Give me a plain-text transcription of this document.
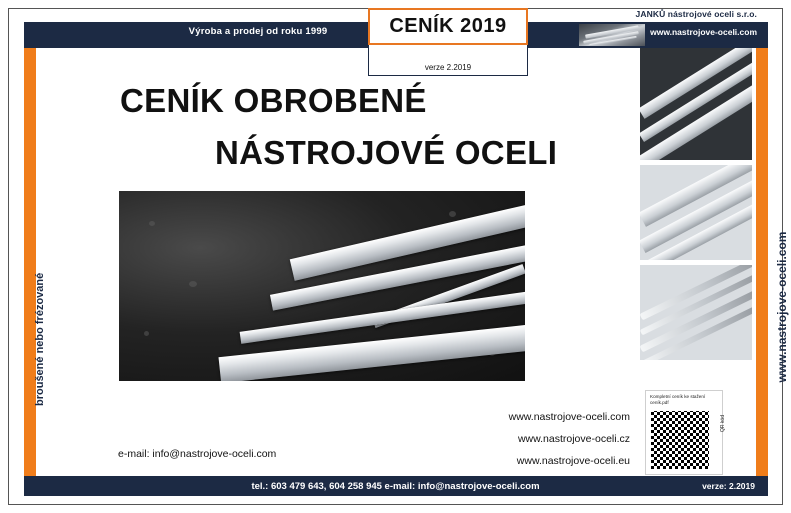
JANKŮ nástrojové oceli s.r.o.
Výroba a prodej od roku 1999	www.nastrojove-oceli.com
CENÍK 2019
verze 2.2019
broušené nebo frézované	www.nastrojove-oceli.com
CENÍK OBROBENÉ
NÁSTROJOVÉ OCELI
www.nastrojove-oceli.com
www.nastrojove-oceli.cz
www.nastrojove-oceli.eu
e-mail: info@nastrojove-oceli.com
Kompletní ceník ke stažení ceník.pdf
QR kód
tel.: 603 479 643, 604 258 945 e-mail: info@nastrojove-oceli.com	verze: 2.2019
